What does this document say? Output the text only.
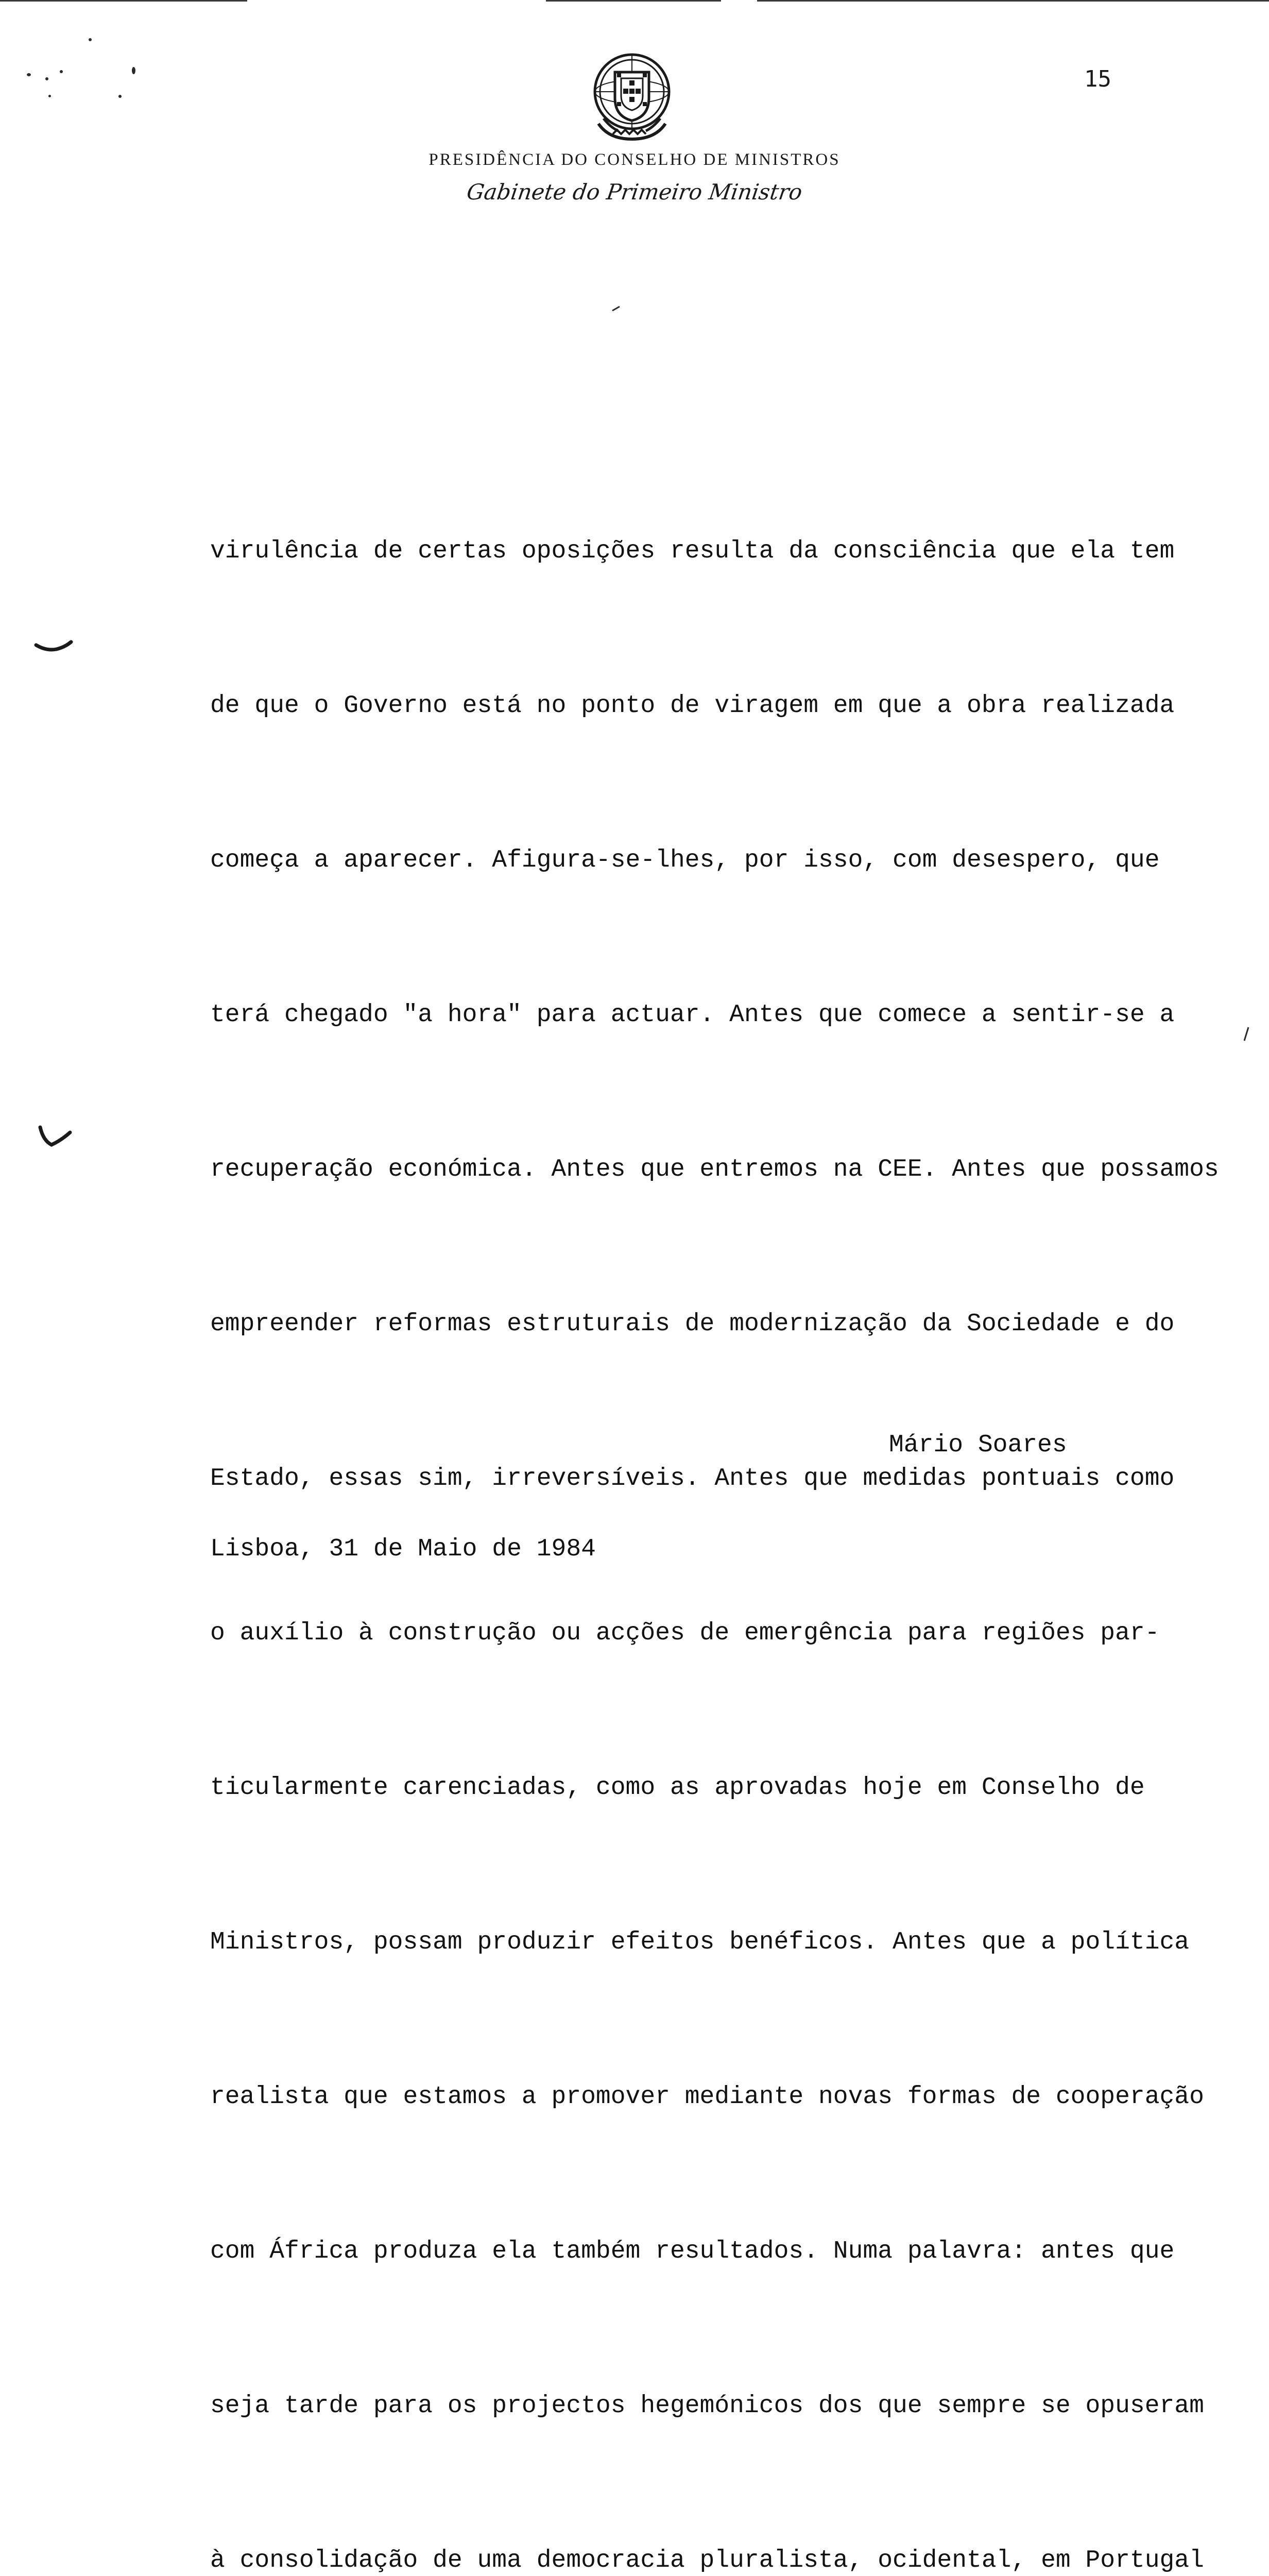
15
PRESIDÊNCIA DO CONSELHO DE MINISTROS
Gabinete do Primeiro Ministro

virulência de certas oposições resulta da consciência que ela tem

de que o Governo está no ponto de viragem em que a obra realizada

começa a aparecer. Afigura-se-lhes, por isso, com desespero, que

terá chegado "a hora" para actuar. Antes que comece a sentir-se a

recuperação económica. Antes que entremos na CEE. Antes que possamos

empreender reformas estruturais de modernização da Sociedade e do

Estado, essas sim, irreversíveis. Antes que medidas pontuais como

o auxílio à construção ou acções de emergência para regiões par-

ticularmente carenciadas, como as aprovadas hoje em Conselho de

Ministros, possam produzir efeitos benéficos. Antes que a política

realista que estamos a promover mediante novas formas de cooperação

com África produza ela também resultados. Numa palavra: antes que

seja tarde para os projectos hegemónicos dos que sempre se opuseram

à consolidação de uma democracia pluralista, ocidental, em Portugal

Mário Soares
Lisboa, 31 de Maio de 1984
